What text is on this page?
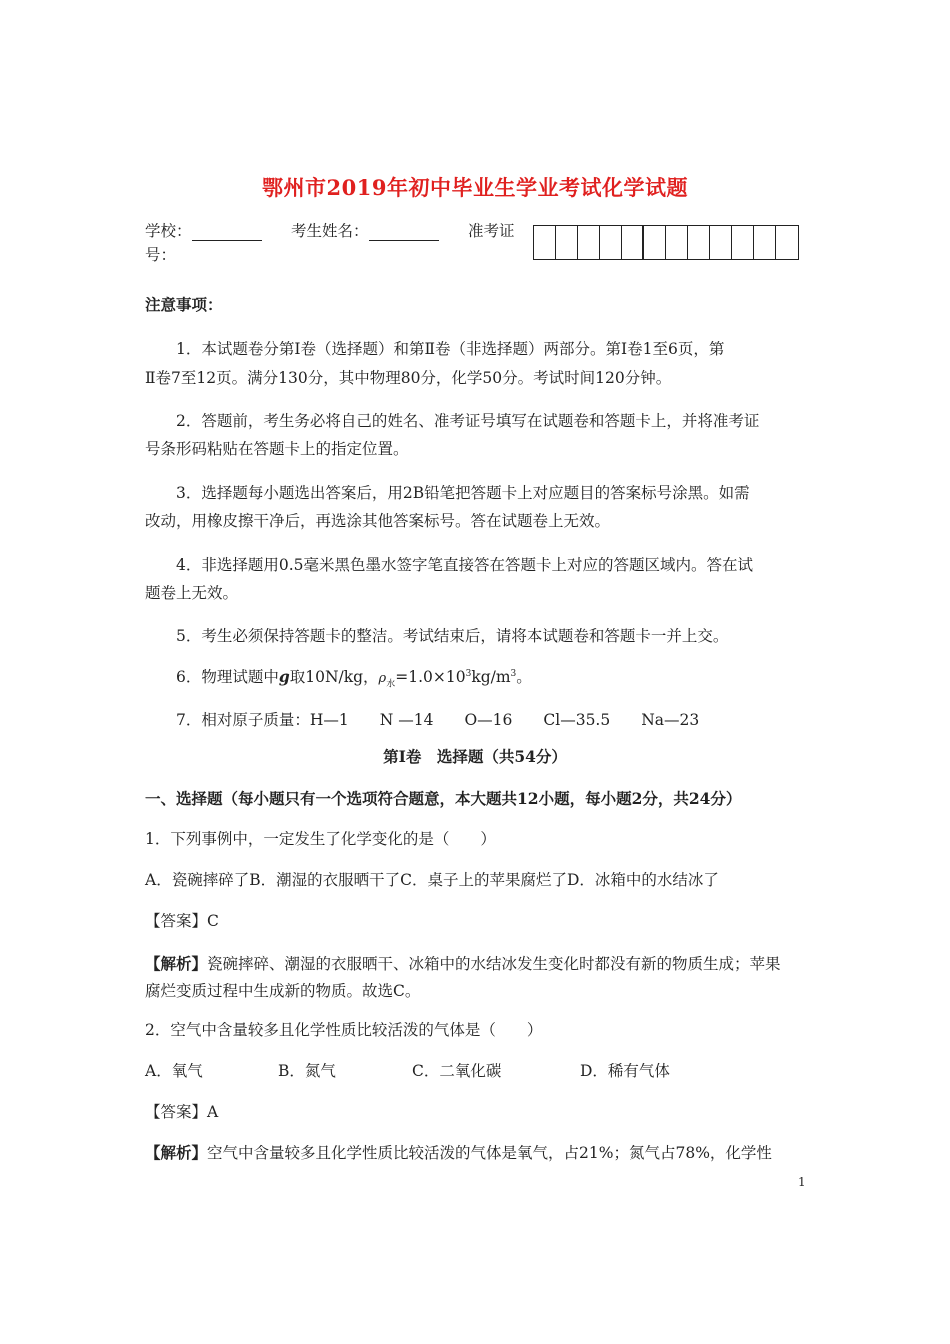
鄂州市2019年初中毕业生学业考试化学试题
学校：	考生姓名：	准考证
号：
注意事项：
1．本试题卷分第Ⅰ卷（选择题）和第Ⅱ卷（非选择题）两部分。第Ⅰ卷1至6页，第
Ⅱ卷7至12页。满分130分，其中物理80分，化学50分。考试时间120分钟。
2．答题前，考生务必将自己的姓名、准考证号填写在试题卷和答题卡上，并将准考证
号条形码粘贴在答题卡上的指定位置。
3．选择题每小题选出答案后，用2B铅笔把答题卡上对应题目的答案标号涂黑。如需
改动，用橡皮擦干净后，再选涂其他答案标号。答在试题卷上无效。
4．非选择题用0.5毫米黑色墨水签字笔直接答在答题卡上对应的答题区域内。答在试
题卷上无效。
5．考生必须保持答题卡的整洁。考试结束后，请将本试题卷和答题卡一并上交。
6．物理试题中g取10N/kg，$\rho_水=1.0\times 10^3kg/m^3$。
7．相对原子质量：H—1　　N —14　　O—16　　Cl—35.5　　Na—23
第Ⅰ卷　选择题（共54分）
一、选择题（每小题只有一个选项符合题意，本大题共12小题，每小题2分，共24分）
1．下列事例中，一定发生了化学变化的是（　　）
A．瓷碗摔碎了B．潮湿的衣服晒干了C．桌子上的苹果腐烂了D．冰箱中的水结冰了
【答案】C
【解析】瓷碗摔碎、潮湿的衣服晒干、冰箱中的水结冰发生变化时都没有新的物质生成；苹果
腐烂变质过程中生成新的物质。故选C。
2．空气中含量较多且化学性质比较活泼的气体是（　　）
A．氧气	B．氮气	C．二氧化碳	D．稀有气体
【答案】A
【解析】空气中含量较多且化学性质比较活泼的气体是氧气，占21%；氮气占78%，化学性
1
